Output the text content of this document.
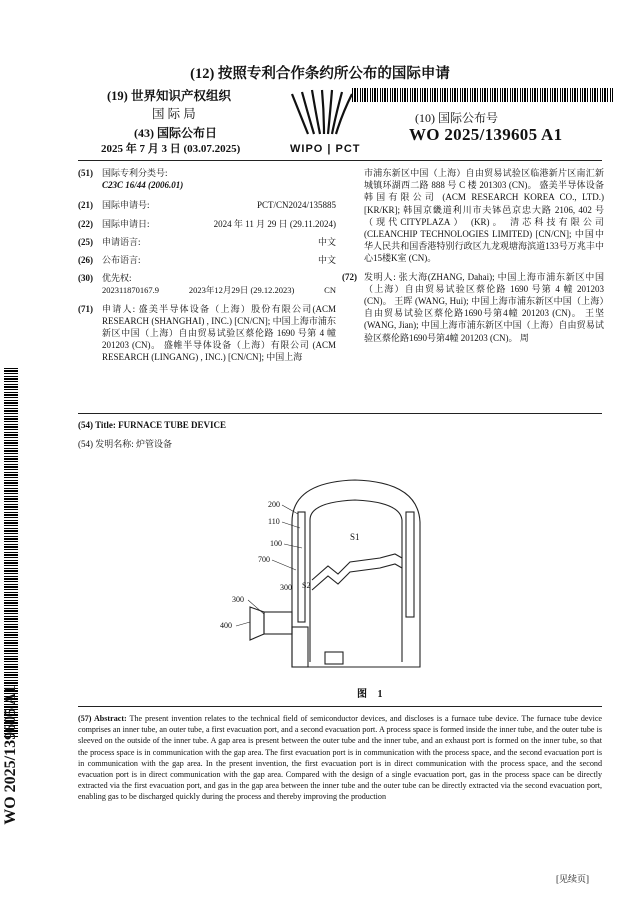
(12) 按照专利合作条约所公布的国际申请
(19) 世界知识产权组织
国 际 局
(43) 国际公布日
2025 年 7 月 3 日 (03.07.2025)	WIPO | PCT
(10) 国际公布号
WO 2025/139605 A1
(51)	国际专利分类号:
C23C 16/44 (2006.01)
(21) 国际申请号:	PCT/CN2024/135885
(22) 国际申请日:	2024 年 11 月 29 日 (29.11.2024)
(25) 申请语言:	中文
(26) 公布语言:	中文
(30)	优先权:
202311870167.9	2023年12月29日 (29.12.2023)	CN
(71)	申请人: 盛美半导体设备（上海）股份有限公司(ACM RESEARCH (SHANGHAI) , INC.) [CN/CN]; 中国上海市浦东新区中国（上海）自由贸易试验区蔡伦路 1690 号第 4 幢 201203 (CN)。 盛帷半导体设备（上海）有限公司 (ACM RESEARCH (LINGANG) , INC.) [CN/CN]; 中国上海
市浦东新区中国（上海）自由贸易试验区临港新片区南汇新城镇环湖西二路 888 号 C 楼 201303 (CN)。 盛美半导体设备韩国有限公司 (ACM RESEARCH KOREA CO., LTD.) [KR/KR]; 韩国京畿道利川市夫钵邑京忠大路 2106, 402 号（现代CITYPLAZA） (KR)。 清芯科技有限公司 (CLEANCHIP TECHNOLOGIES LIMITED) [CN/CN]; 中国中华人民共和国香港特别行政区九龙观塘海滨道133号万兆丰中心15楼K室 (CN)。
(72) 发明人: 张大海(ZHANG, Dahai); 中国上海市浦东新区中国（上海）自由贸易试验区蔡伦路 1690 号第 4 幢 201203 (CN)。 王晖 (WANG, Hui); 中国上海市浦东新区中国（上海）自由贸易试验区蔡伦路1690号第4幢 201203 (CN)。 王坚(WANG, Jian); 中国上海市浦东新区中国（上海）自由贸易试验区蔡伦路1690号第4幢 201203 (CN)。 周
WO 2025/139605 A1
(54) Title: FURNACE TUBE DEVICE
(54) 发明名称: 炉管设备
200
110
100
700
300 S2
300
400
S1
图 1
(57) Abstract: The present invention relates to the technical field of semiconductor devices, and discloses is a furnace tube device. The furnace tube device comprises an inner tube, an outer tube, a first evacuation port, and a second evacuation port. A process space is formed inside the inner tube, and the outer tube is sleeved on the outside of the inner tube. A gap area is present between the outer tube and the inner tube, and an exhaust port is formed on the inner tube, so that the process space is in communication with the gap area. The first evacuation port is in communication with the process space, and the second evacuation port is in communication with the gap area. In the present invention, the first evacuation port is in direct communication with the process space, and the second evacuation port is in direct communication with the gap area. Compared with the design of a single evacuation port, gas in the process space can be directly extracted via the first evacuation port, and gas in the gap area between the inner tube and the outer tube can be directly extracted via the second evacuation port, enabling gas to be discharged quickly during the process and thereby improving the production
[见续页]
